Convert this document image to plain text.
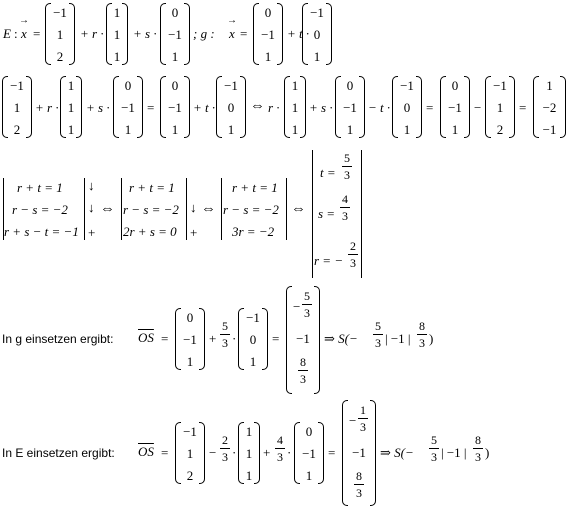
E : x
→
=
−1
1
2
+ r ·
1
1
1
+ s ·
0
−1
1
; g : x
→
=
0
−1
1
+ t ·
−1
0
1
−1
1
2
+ r ·
1
1
1
+ s ·
0
−1
1
=
0
−1
1
+ t ·
−1
0
1
⇔ r ·
1
1
1
+ s ·
0
−1
1
− t ·
−1
0
1
=
0
−1
1
−
−1
1
2
=
1
−2
−1
r + t = 1
r − s = −2
r + s − t = −1
↓
↓
+
⇔
r + t = 1
r − s = −2
2r + s = 0
↓
+
⇔
r + t = 1
r − s = −2
3r = −2
⇔
t =
5
3
s =
4
3
r = −
2
3
In g einsetzen ergibt: $\overline{OS}$ =
0
−1
1
+
5
3 ·
−1
0
1
=
−
5
3
−1
8
3
⇒ S(−
5
3 | −1 |
8
3 )
In E einsetzen ergibt: $\overline{OS}$ =
−1
1
2
−
2
3 ·
1
1
1
+
4
3 ·
0
−1
1
=
−
1
3
−1
8
3
⇒ S(−
5
3 | −1 |
8
3 )
